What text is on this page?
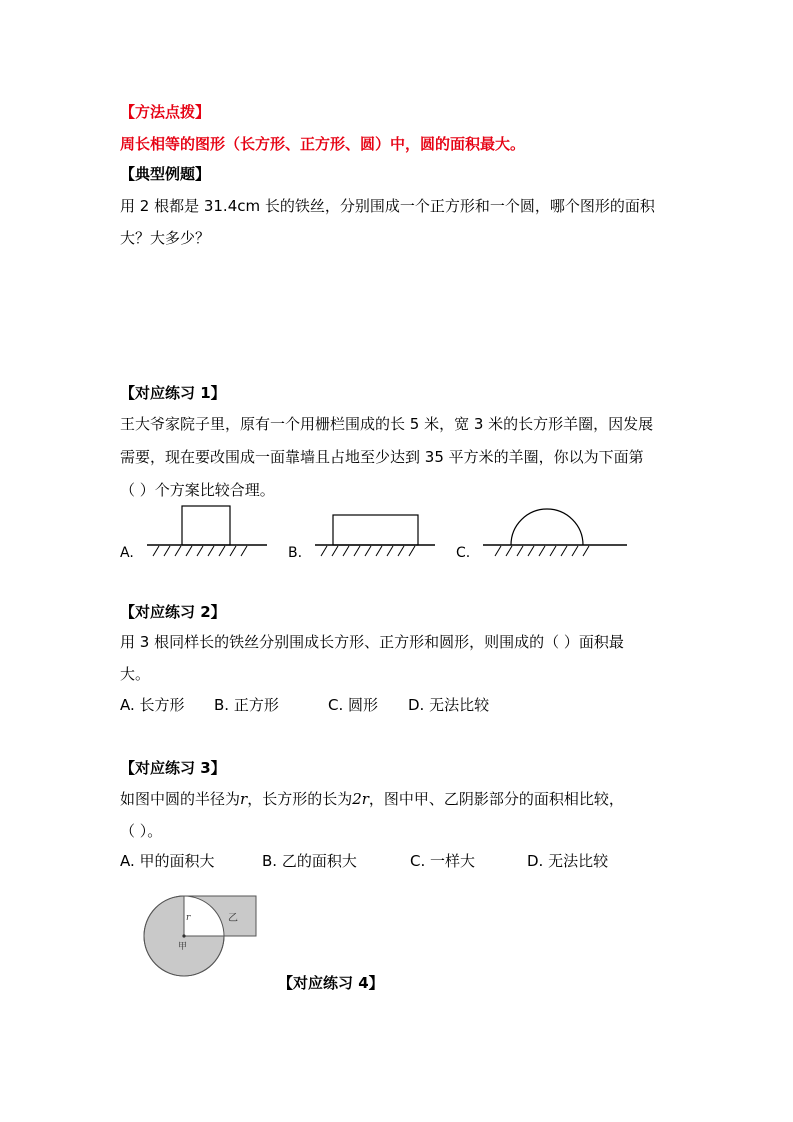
【方法点拨】
周长相等的图形（长方形、正方形、圆）中，圆的面积最大。
【典型例题】
用 2 根都是 31.4cm 长的铁丝，分别围成一个正方形和一个圆，哪个图形的面积
大？大多少？
【对应练习 1】
王大爷家院子里，原有一个用栅栏围成的长 5 米，宽 3 米的长方形羊圈，因发展
需要，现在要改围成一面靠墙且占地至少达到 35 平方米的羊圈，你以为下面第
（ ）个方案比较合理。
A.	B.	C.
【对应练习 2】
用 3 根同样长的铁丝分别围成长方形、正方形和圆形，则围成的（ ）面积最
大。
A. 长方形 B. 正方形	C. 圆形 D. 无法比较
【对应练习 3】
如图中圆的半径为r，长方形的长为2r，图中甲、乙阴影部分的面积相比较，
（ ）。
A. 甲的面积大	B. 乙的面积大	C. 一样大	D. 无法比较
r
甲
乙
【对应练习 4】
